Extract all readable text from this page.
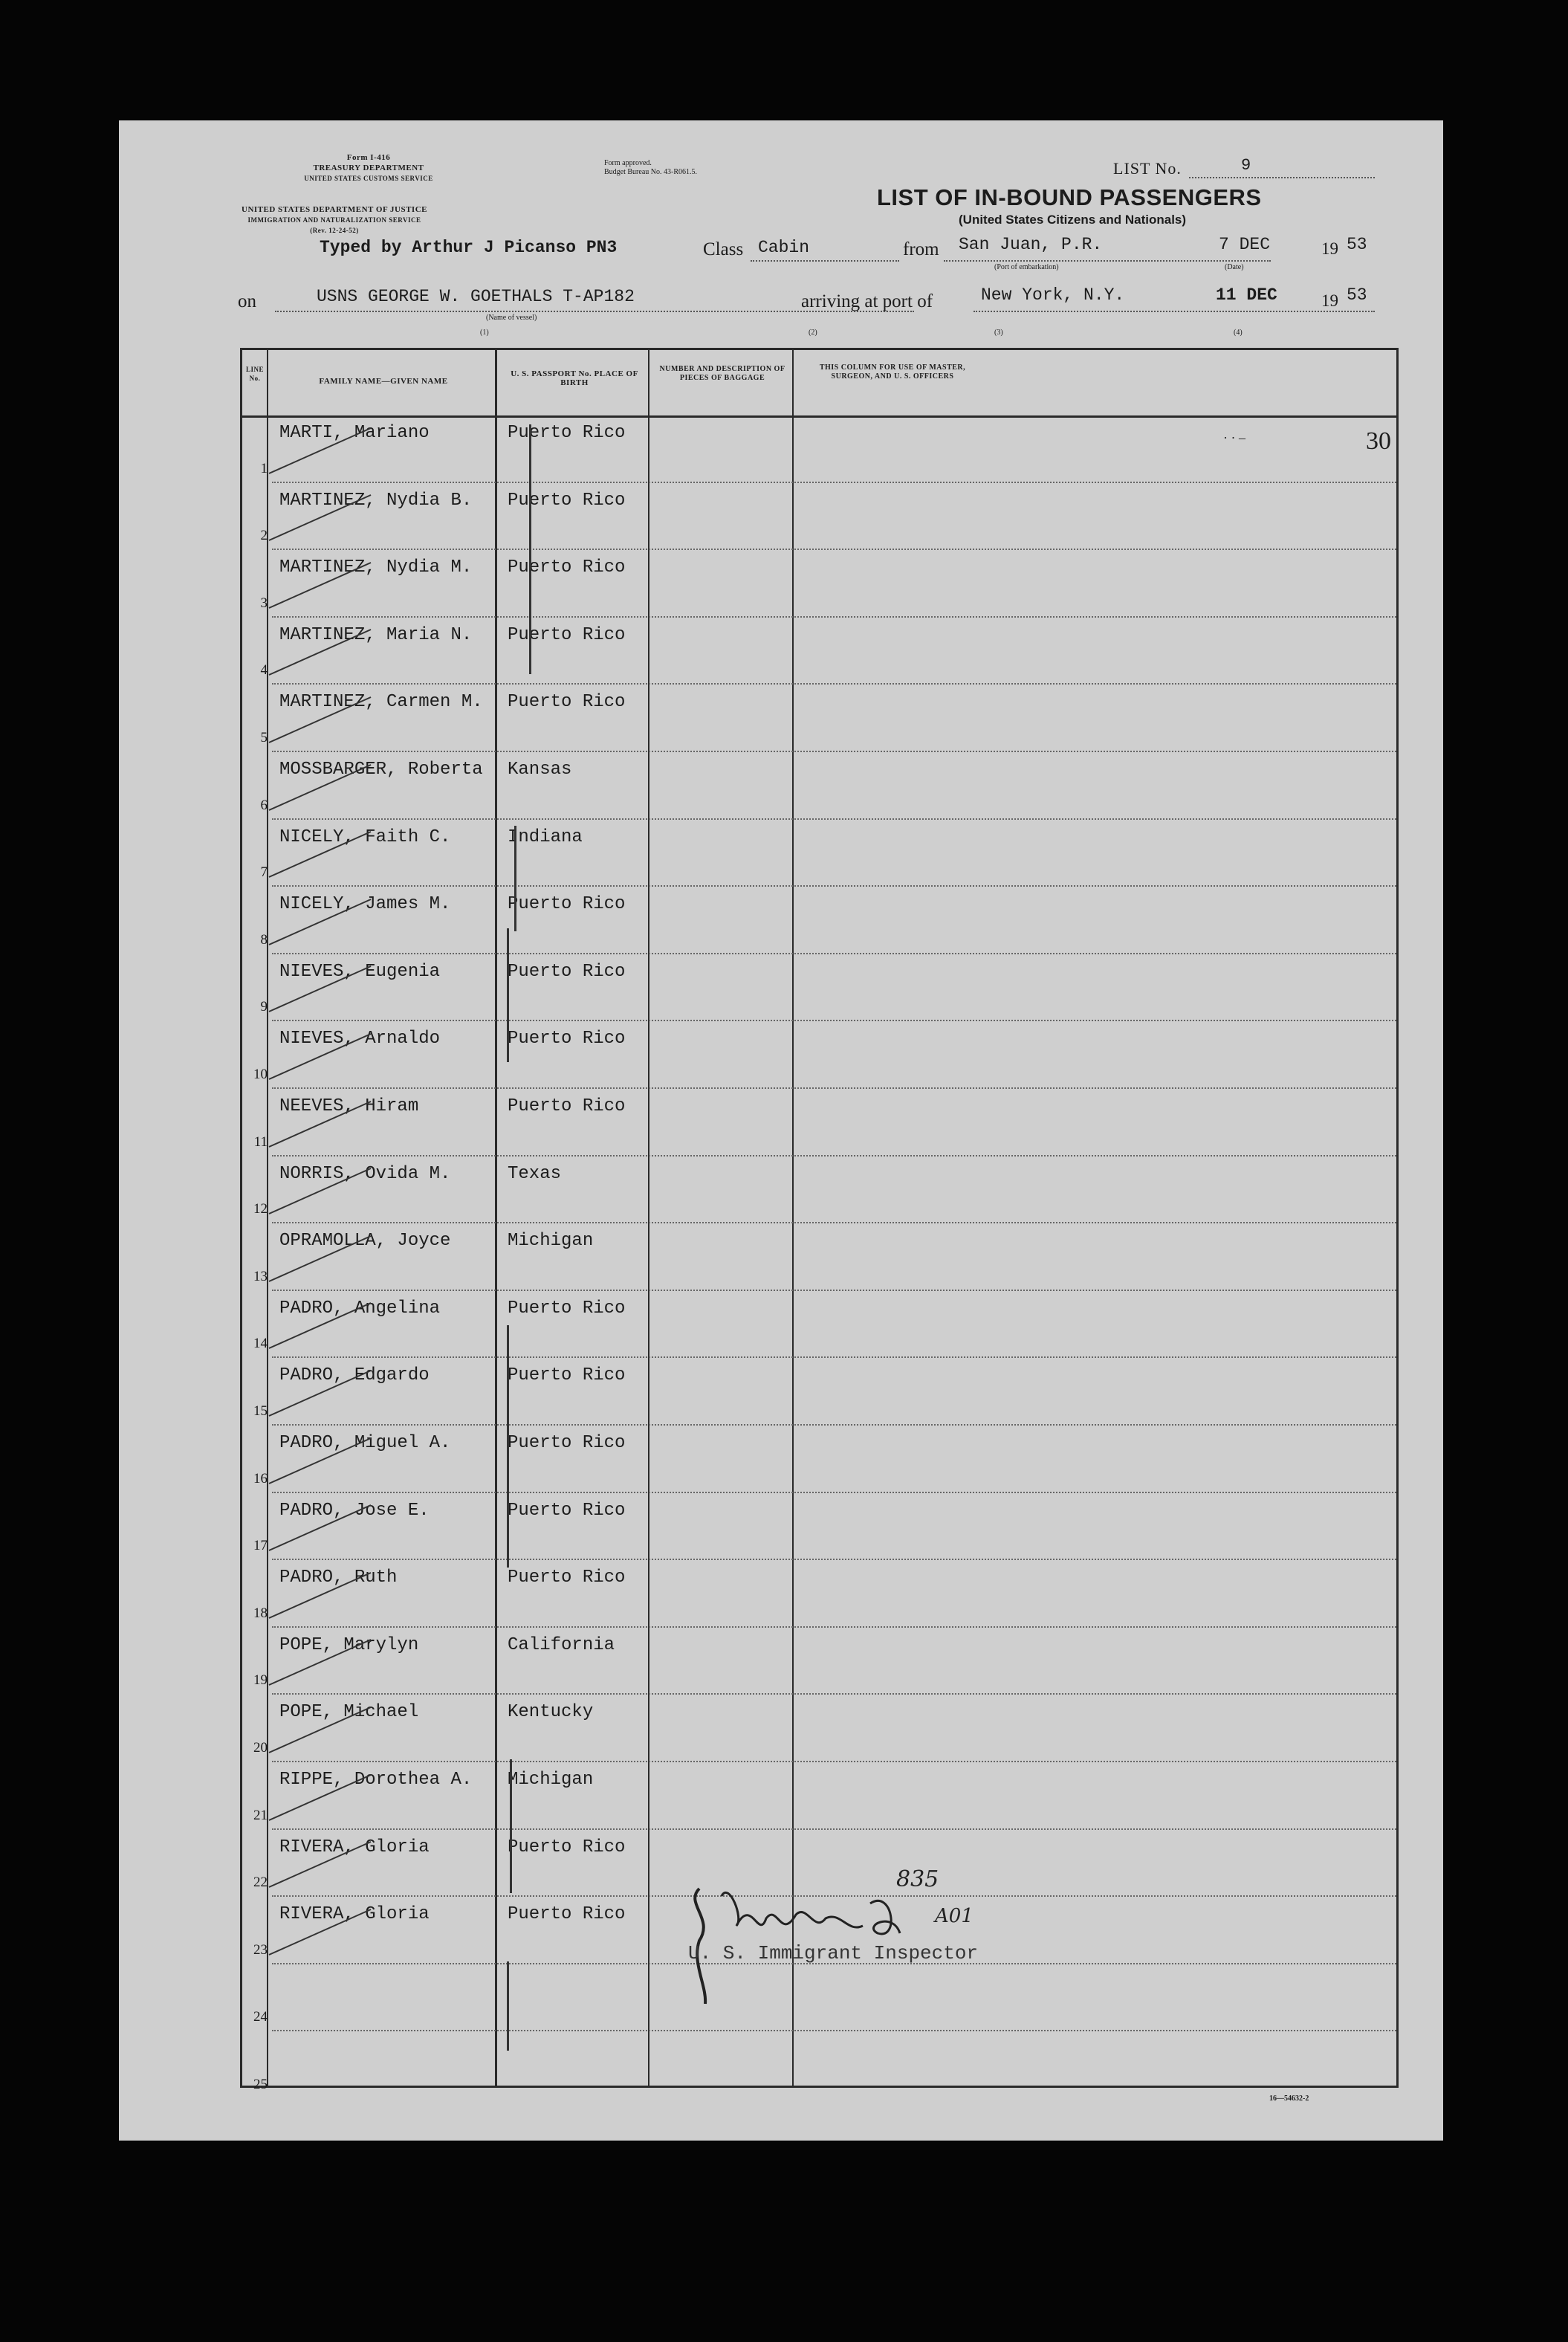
Form I-416
TREASURY DEPARTMENT
UNITED STATES CUSTOMS SERVICE
UNITED STATES DEPARTMENT OF JUSTICE
IMMIGRATION AND NATURALIZATION SERVICE
(Rev. 12-24-52)
Form approved.
Budget Bureau No. 43-R061.5.	LIST No.	9
LIST OF IN-BOUND PASSENGERS
(United States Citizens and Nationals)
Typed by Arthur J Picanso PN3	Class Cabin	from San Juan, P.R.	7 DEC	19 53
(Port of embarkation)	(Date)
on	USNS GEORGE W. GOETHALS T-AP182
(Name of vessel)
arriving at port of	New York, N.Y.	11 DEC	19 53
(1)	(2)	(3)	(4)
LINE No.	FAMILY NAME—GIVEN NAME
U. S. PASSPORT No. PLACE OF BIRTH
NUMBER AND DESCRIPTION OF PIECES OF BAGGAGE
THIS COLUMN FOR USE OF MASTER, SURGEON, AND U. S. OFFICERS
1
MARTI, Mariano	Puerto Rico
2
MARTINEZ, Nydia B. Puerto Rico
3
MARTINEZ, Nydia M. Puerto Rico
4
MARTINEZ, Maria N. Puerto Rico
5
MARTINEZ, Carmen M. Puerto Rico
6
MOSSBARGER, Roberta Kansas
7
NICELY, Faith C.	Indiana
8
NICELY, James M.	Puerto Rico
9
NIEVES, Eugenia	Puerto Rico
10
NIEVES, Arnaldo	Puerto Rico
11
NEEVES, Hiram	Puerto Rico
12
NORRIS, Ovida M.	Texas
13
OPRAMOLLA, Joyce	Michigan
14
PADRO, Angelina	Puerto Rico
15
PADRO, Edgardo	Puerto Rico
16
PADRO, Miguel A.	Puerto Rico
17
PADRO, Jose E.	Puerto Rico
18
PADRO, Ruth	Puerto Rico
19
POPE, Marylyn	California
20
POPE, Michael	Kentucky
21
RIPPE, Dorothea A. Michigan
22
RIVERA, Gloria	Puerto Rico
23
RIVERA, Gloria	Puerto Rico
24
25
30
· · –
835
A01
U. S. Immigrant Inspector
16—54632-2
